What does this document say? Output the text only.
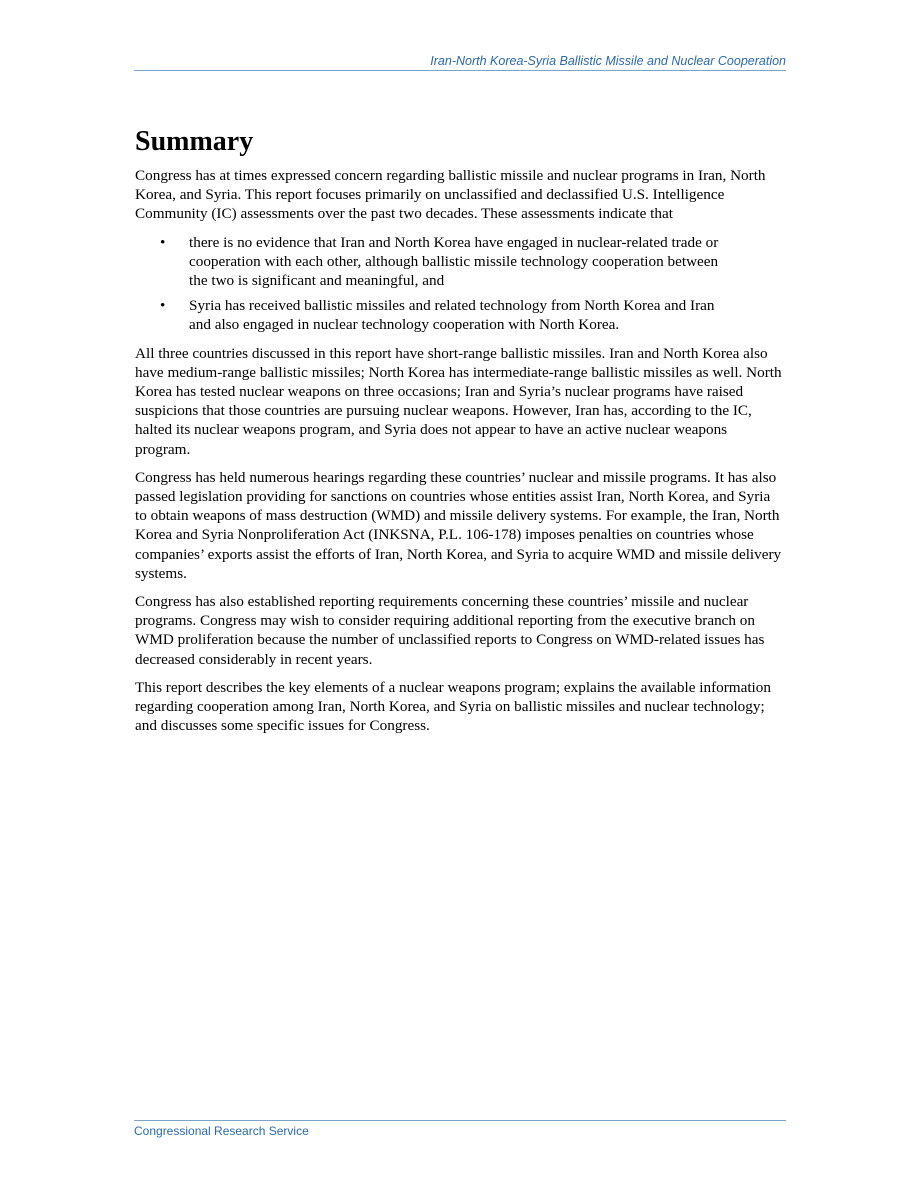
Iran-North Korea-Syria Ballistic Missile and Nuclear Cooperation
Summary

Congress has at times expressed concern regarding ballistic missile and nuclear programs in Iran, North Korea, and Syria. This report focuses primarily on unclassified and declassified U.S. Intelligence Community (IC) assessments over the past two decades. These assessments indicate that

• there is no evidence that Iran and North Korea have engaged in nuclear-related trade or cooperation with each other, although ballistic missile technology cooperation between the two is significant and meaningful, and
• Syria has received ballistic missiles and related technology from North Korea and Iran and also engaged in nuclear technology cooperation with North Korea.

All three countries discussed in this report have short-range ballistic missiles. Iran and North Korea also have medium-range ballistic missiles; North Korea has intermediate-range ballistic missiles as well. North Korea has tested nuclear weapons on three occasions; Iran and Syria’s nuclear programs have raised suspicions that those countries are pursuing nuclear weapons. However, Iran has, according to the IC, halted its nuclear weapons program, and Syria does not appear to have an active nuclear weapons program.

Congress has held numerous hearings regarding these countries’ nuclear and missile programs. It has also passed legislation providing for sanctions on countries whose entities assist Iran, North Korea, and Syria to obtain weapons of mass destruction (WMD) and missile delivery systems. For example, the Iran, North Korea and Syria Nonproliferation Act (INKSNA, P.L. 106-178) imposes penalties on countries whose companies’ exports assist the efforts of Iran, North Korea, and Syria to acquire WMD and missile delivery systems.

Congress has also established reporting requirements concerning these countries’ missile and nuclear programs. Congress may wish to consider requiring additional reporting from the executive branch on WMD proliferation because the number of unclassified reports to Congress on WMD-related issues has decreased considerably in recent years.

This report describes the key elements of a nuclear weapons program; explains the available information regarding cooperation among Iran, North Korea, and Syria on ballistic missiles and nuclear technology; and discusses some specific issues for Congress.

Congressional Research Service
